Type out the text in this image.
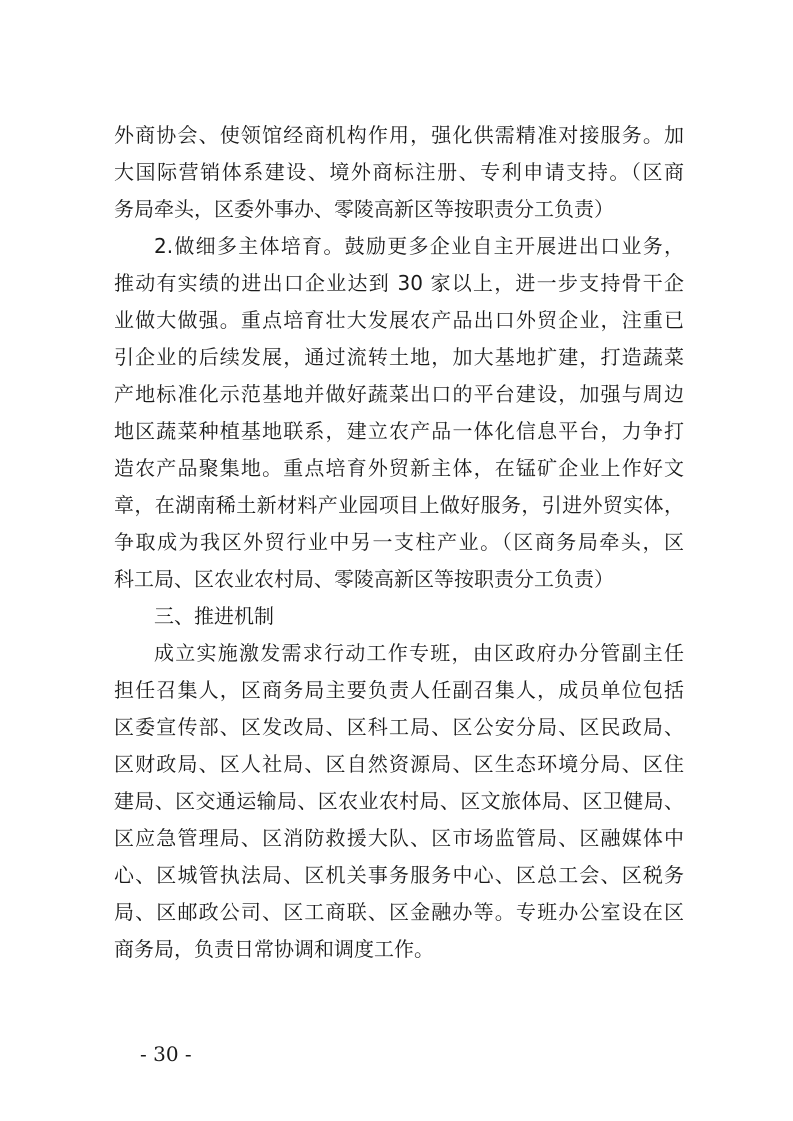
外商协会、使领馆经商机构作用，强化供需精准对接服务。加
大国际营销体系建设、境外商标注册、专利申请支持。（区商
务局牵头，区委外事办、零陵高新区等按职责分工负责）
2.做细多主体培育。鼓励更多企业自主开展进出口业务，
推动有实绩的进出口企业达到 30 家以上，进一步支持骨干企
业做大做强。重点培育壮大发展农产品出口外贸企业，注重已
引企业的后续发展，通过流转土地，加大基地扩建，打造蔬菜
产地标准化示范基地并做好蔬菜出口的平台建设，加强与周边
地区蔬菜种植基地联系，建立农产品一体化信息平台，力争打
造农产品聚集地。重点培育外贸新主体，在锰矿企业上作好文
章，在湖南稀土新材料产业园项目上做好服务，引进外贸实体，
争取成为我区外贸行业中另一支柱产业。（区商务局牵头，区
科工局、区农业农村局、零陵高新区等按职责分工负责）
三、推进机制
成立实施激发需求行动工作专班，由区政府办分管副主任
担任召集人，区商务局主要负责人任副召集人，成员单位包括
区委宣传部、区发改局、区科工局、区公安分局、区民政局、
区财政局、区人社局、区自然资源局、区生态环境分局、区住
建局、区交通运输局、区农业农村局、区文旅体局、区卫健局、
区应急管理局、区消防救援大队、区市场监管局、区融媒体中
心、区城管执法局、区机关事务服务中心、区总工会、区税务
局、区邮政公司、区工商联、区金融办等。专班办公室设在区
商务局，负责日常协调和调度工作。
- 30 -
